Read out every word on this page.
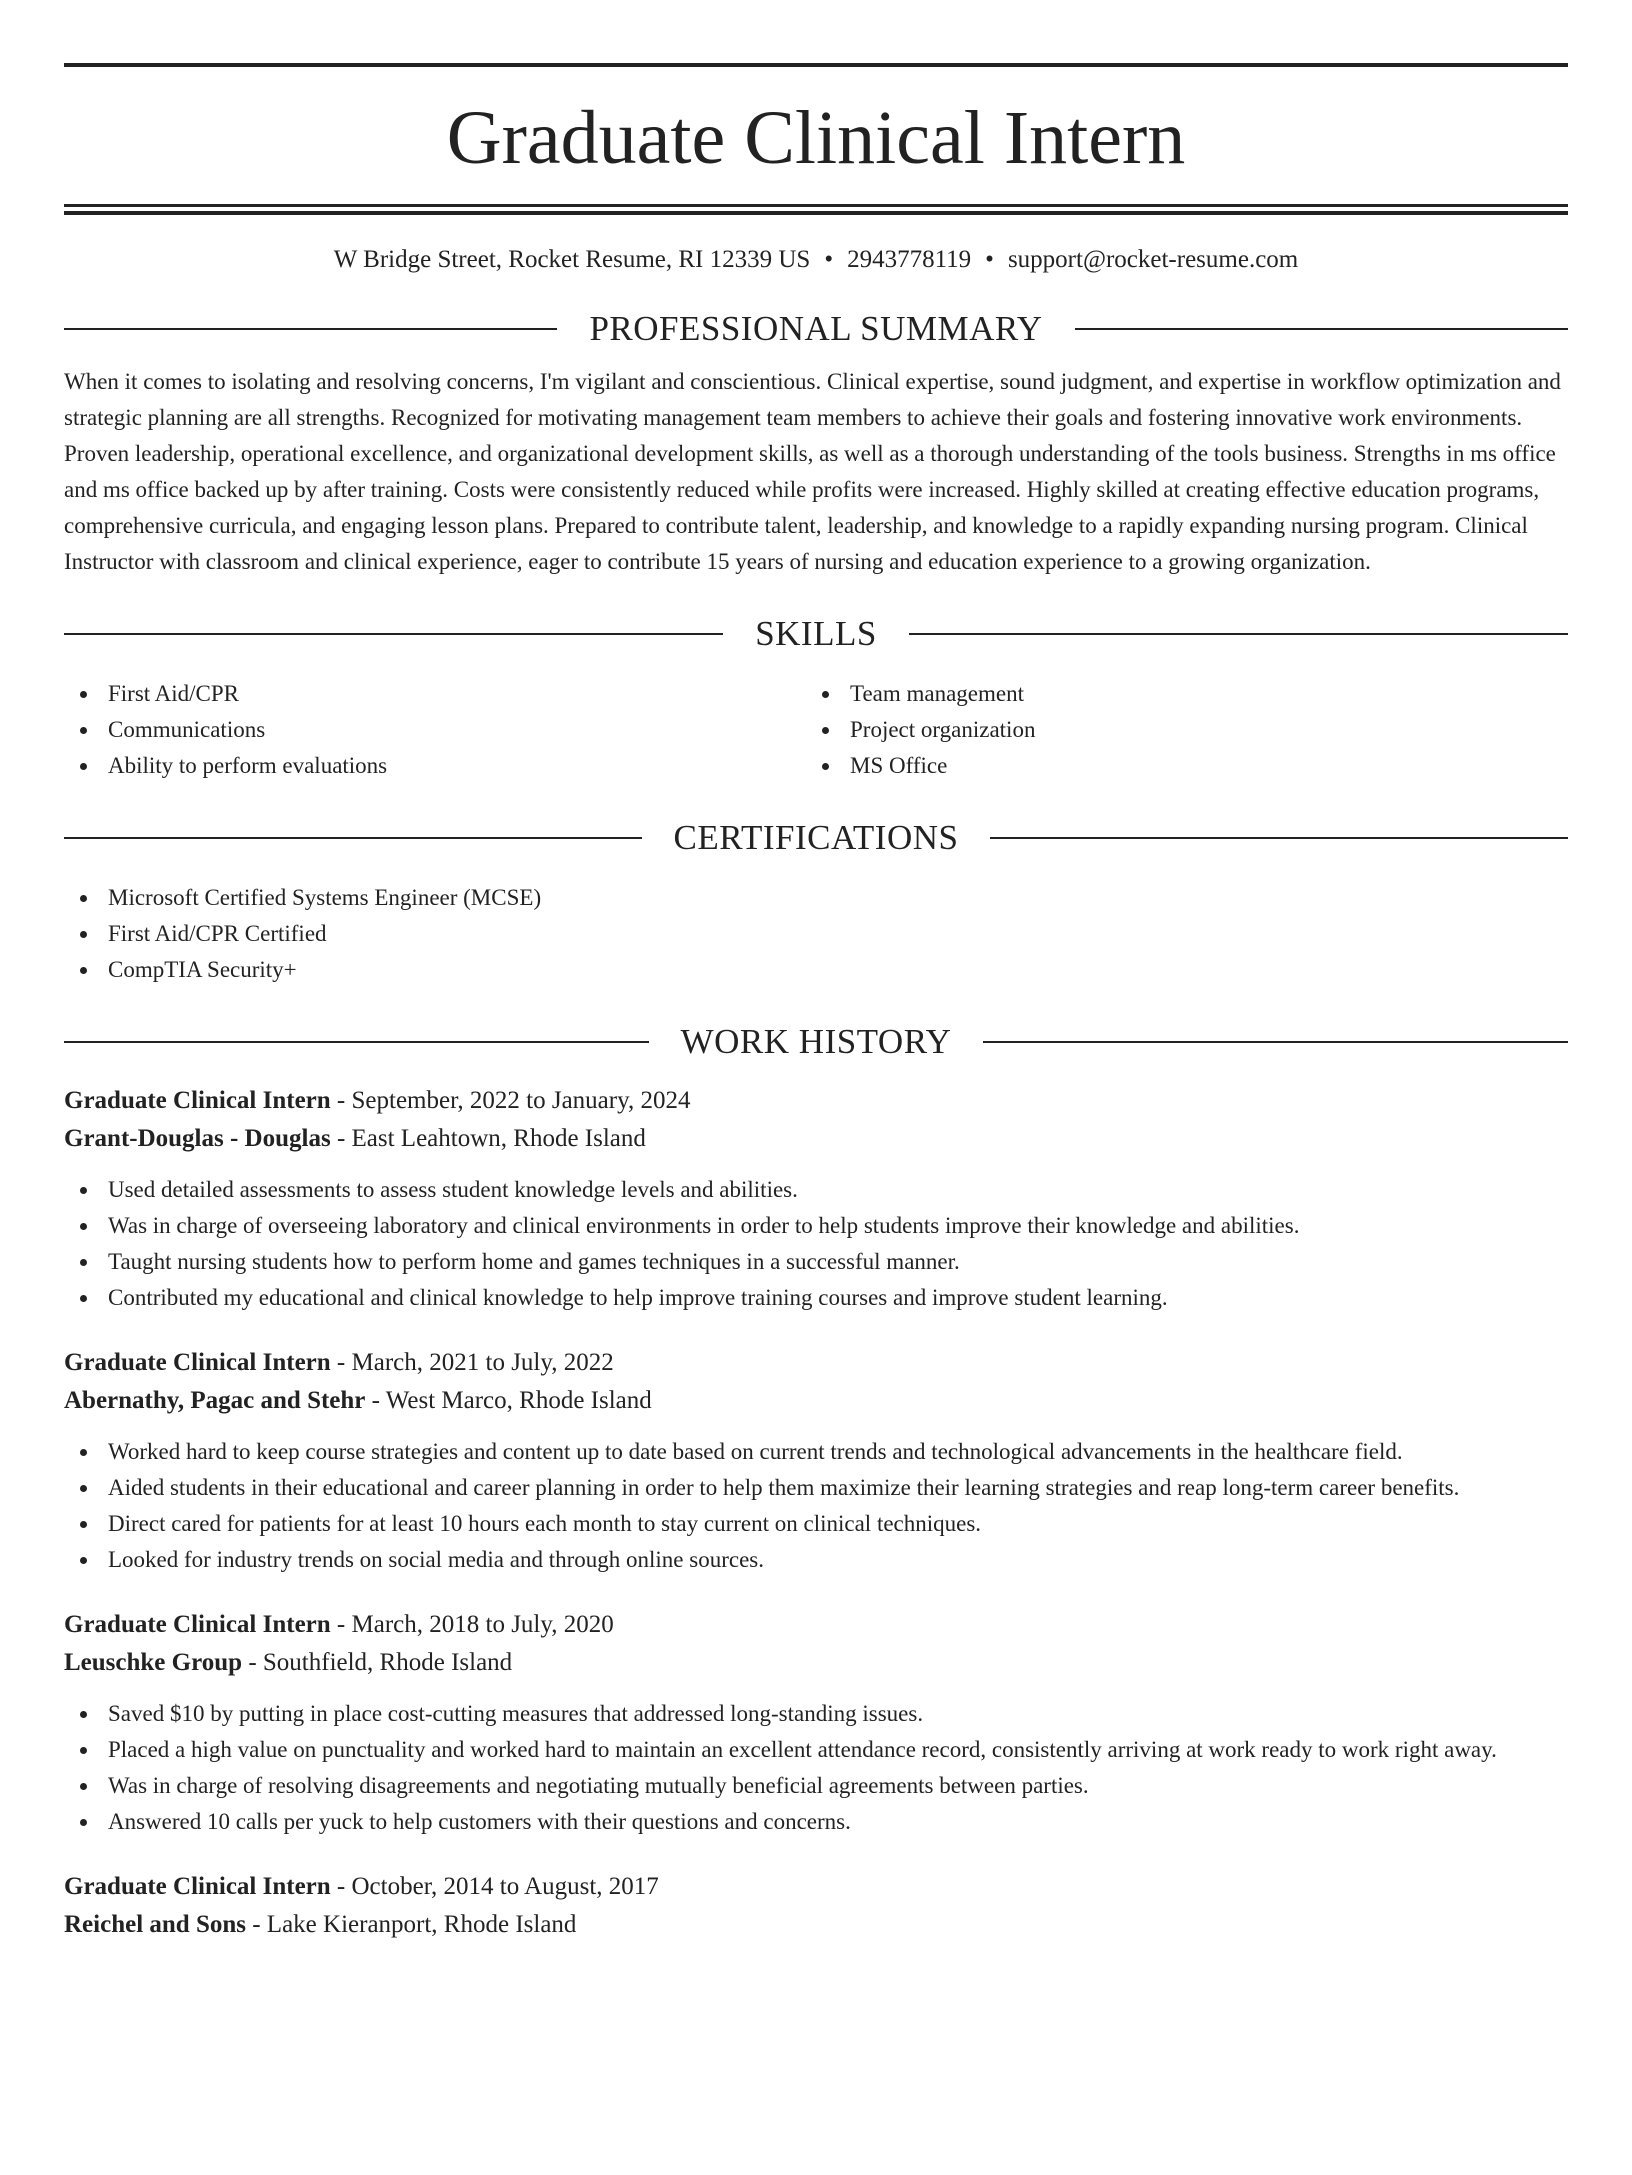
Graduate Clinical Intern
W Bridge Street, Rocket Resume, RI 12339 US • 2943778119 • support@rocket-resume.com
PROFESSIONAL SUMMARY

When it comes to isolating and resolving concerns, I'm vigilant and conscientious. Clinical expertise, sound judgment, and expertise in workflow optimization and strategic planning are all strengths. Recognized for motivating management team members to achieve their goals and fostering innovative work environments. Proven leadership, operational excellence, and organizational development skills, as well as a thorough understanding of the tools business. Strengths in ms office and ms office backed up by after training. Costs were consistently reduced while profits were increased. Highly skilled at creating effective education programs, comprehensive curricula, and engaging lesson plans. Prepared to contribute talent, leadership, and knowledge to a rapidly expanding nursing program. Clinical Instructor with classroom and clinical experience, eager to contribute 15 years of nursing and education experience to a growing organization.

SKILLS
First Aid/CPR
Communications
Ability to perform evaluations
Team management
Project organization
MS Office
CERTIFICATIONS
Microsoft Certified Systems Engineer (MCSE)
First Aid/CPR Certified
CompTIA Security+
WORK HISTORY
Graduate Clinical Intern - September, 2022 to January, 2024
Grant-Douglas - Douglas - East Leahtown, Rhode Island
Used detailed assessments to assess student knowledge levels and abilities.
Was in charge of overseeing laboratory and clinical environments in order to help students improve their knowledge and abilities.
Taught nursing students how to perform home and games techniques in a successful manner.
Contributed my educational and clinical knowledge to help improve training courses and improve student learning.
Graduate Clinical Intern - March, 2021 to July, 2022
Abernathy, Pagac and Stehr - West Marco, Rhode Island
Worked hard to keep course strategies and content up to date based on current trends and technological advancements in the healthcare field.
Aided students in their educational and career planning in order to help them maximize their learning strategies and reap long-term career benefits.
Direct cared for patients for at least 10 hours each month to stay current on clinical techniques.
Looked for industry trends on social media and through online sources.
Graduate Clinical Intern - March, 2018 to July, 2020
Leuschke Group - Southfield, Rhode Island
Saved $10 by putting in place cost-cutting measures that addressed long-standing issues.
Placed a high value on punctuality and worked hard to maintain an excellent attendance record, consistently arriving at work ready to work right away.
Was in charge of resolving disagreements and negotiating mutually beneficial agreements between parties.
Answered 10 calls per yuck to help customers with their questions and concerns.
Graduate Clinical Intern - October, 2014 to August, 2017
Reichel and Sons - Lake Kieranport, Rhode Island
